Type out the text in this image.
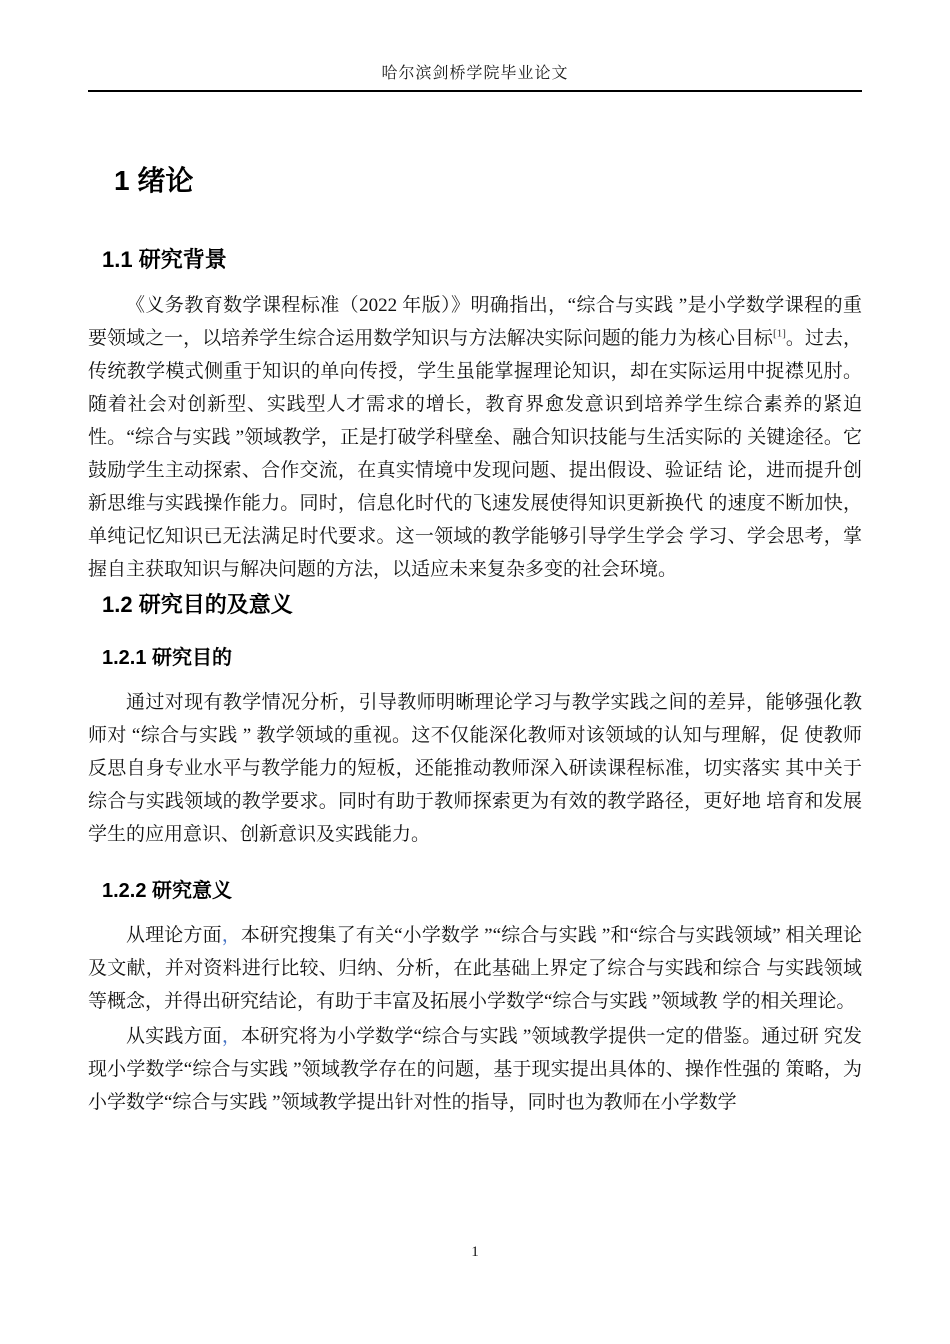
哈尔滨剑桥学院毕业论文
1 绪论
1.1 研究背景

《义务教育数学课程标准（2022 年版）》明确指出，“综合与实践 ”是小学数学课程的重要领域之一，以培养学生综合运用数学知识与方法解决实际问题的能力为核心目标[1]。过去，传统教学模式侧重于知识的单向传授，学生虽能掌握理论知识，却在实际运用中捉襟见肘。随着社会对创新型、实践型人才需求的增长，教育界愈发意识到培养学生综合素养的紧迫性。“综合与实践 ”领域教学，正是打破学科壁垒、融合知识技能与生活实际的 关键途径。它鼓励学生主动探索、合作交流，在真实情境中发现问题、提出假设、验证结 论，进而提升创新思维与实践操作能力。同时，信息化时代的飞速发展使得知识更新换代 的速度不断加快，单纯记忆知识已无法满足时代要求。这一领域的教学能够引导学生学会 学习、学会思考，掌握自主获取知识与解决问题的方法，以适应未来复杂多变的社会环境。

1.2 研究目的及意义
1.2.1 研究目的

通过对现有教学情况分析，引导教师明晰理论学习与教学实践之间的差异，能够强化教师对 “综合与实践 ” 教学领域的重视。这不仅能深化教师对该领域的认知与理解，促 使教师反思自身专业水平与教学能力的短板，还能推动教师深入研读课程标准，切实落实 其中关于综合与实践领域的教学要求。同时有助于教师探索更为有效的教学路径，更好地 培育和发展学生的应用意识、创新意识及实践能力。

1.2.2 研究意义

从理论方面，本研究搜集了有关“小学数学 ”“综合与实践 ”和“综合与实践领域” 相关理论及文献，并对资料进行比较、归纳、分析，在此基础上界定了综合与实践和综合 与实践领域等概念，并得出研究结论，有助于丰富及拓展小学数学“综合与实践 ”领域教 学的相关理论。

从实践方面，本研究将为小学数学“综合与实践 ”领域教学提供一定的借鉴。通过研 究发现小学数学“综合与实践 ”领域教学存在的问题，基于现实提出具体的、操作性强的 策略，为小学数学“综合与实践 ”领域教学提出针对性的指导，同时也为教师在小学数学

1
